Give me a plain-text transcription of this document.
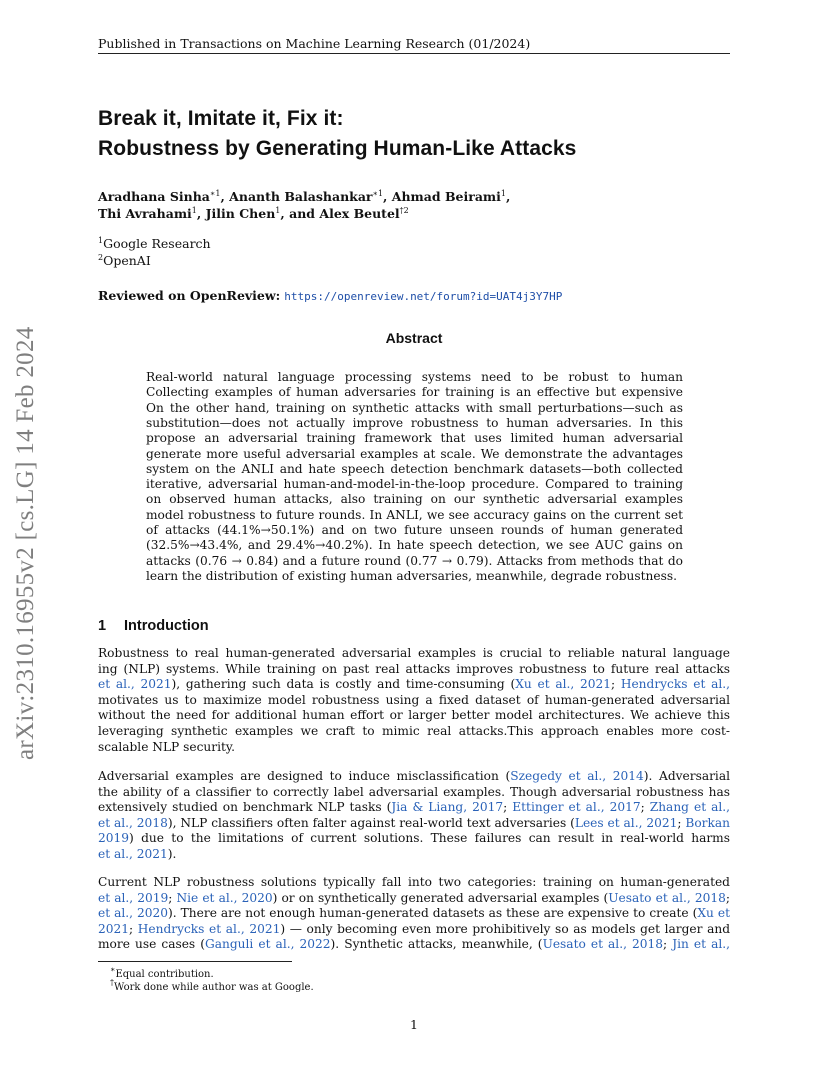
Published in Transactions on Machine Learning Research (01/2024)
Break it, Imitate it, Fix it:
Robustness by Generating Human-Like Attacks
Aradhana Sinha$^{∗1}$, Ananth Balashankar$^{∗1}$, Ahmad Beirami$^1$,
Thi Avrahami$^1$, Jilin Chen$^1$, and Alex Beutel$^{\dagger 2}$
$^1$Google Research
$^2$OpenAI
Reviewed on OpenReview: https://openreview.net/forum?id=UAT4j3Y7HP
Abstract
Real-world natural language processing systems need to be robust to human
Collecting examples of human adversaries for training is an effective but expensive
On the other hand, training on synthetic attacks with small perturbations—such as
substitution—does not actually improve robustness to human adversaries. In this
propose an adversarial training framework that uses limited human adversarial
generate more useful adversarial examples at scale. We demonstrate the advantages
system on the ANLI and hate speech detection benchmark datasets—both collected
iterative, adversarial human-and-model-in-the-loop procedure. Compared to training
on observed human attacks, also training on our synthetic adversarial examples
model robustness to future rounds. In ANLI, we see accuracy gains on the current set
of attacks (44.1%→50.1%) and on two future unseen rounds of human generated
(32.5%→43.4%, and 29.4%→40.2%). In hate speech detection, we see AUC gains on
attacks (0.76 → 0.84) and a future round (0.77 → 0.79). Attacks from methods that do
learn the distribution of existing human adversaries, meanwhile, degrade robustness.
1 Introduction
Robustness to real human-generated adversarial examples is crucial to reliable natural language
ing (NLP) systems. While training on past real attacks improves robustness to future real attacks
et al., 2021), gathering such data is costly and time-consuming (Xu et al., 2021; Hendrycks et al.,
motivates us to maximize model robustness using a fixed dataset of human-generated adversarial
without the need for additional human effort or larger better model architectures. We achieve this
leveraging synthetic examples we craft to mimic real attacks.This approach enables more cost-
scalable NLP security.
Adversarial examples are designed to induce misclassification (Szegedy et al., 2014). Adversarial
the ability of a classifier to correctly label adversarial examples. Though adversarial robustness has
extensively studied on benchmark NLP tasks (Jia & Liang, 2017; Ettinger et al., 2017; Zhang et al.,
et al., 2018), NLP classifiers often falter against real-world text adversaries (Lees et al., 2021; Borkan
2019) due to the limitations of current solutions. These failures can result in real-world harms
et al., 2021).
Current NLP robustness solutions typically fall into two categories: training on human-generated
et al., 2019; Nie et al., 2020) or on synthetically generated adversarial examples (Uesato et al., 2018;
et al., 2020). There are not enough human-generated datasets as these are expensive to create (Xu et
2021; Hendrycks et al., 2021) — only becoming even more prohibitively so as models get larger and
more use cases (Ganguli et al., 2022). Synthetic attacks, meanwhile, (Uesato et al., 2018; Jin et al.,
∗Equal contribution.
†Work done while author was at Google.
1
arXiv:2310.16955v2 [cs.LG] 14 Feb 2024
